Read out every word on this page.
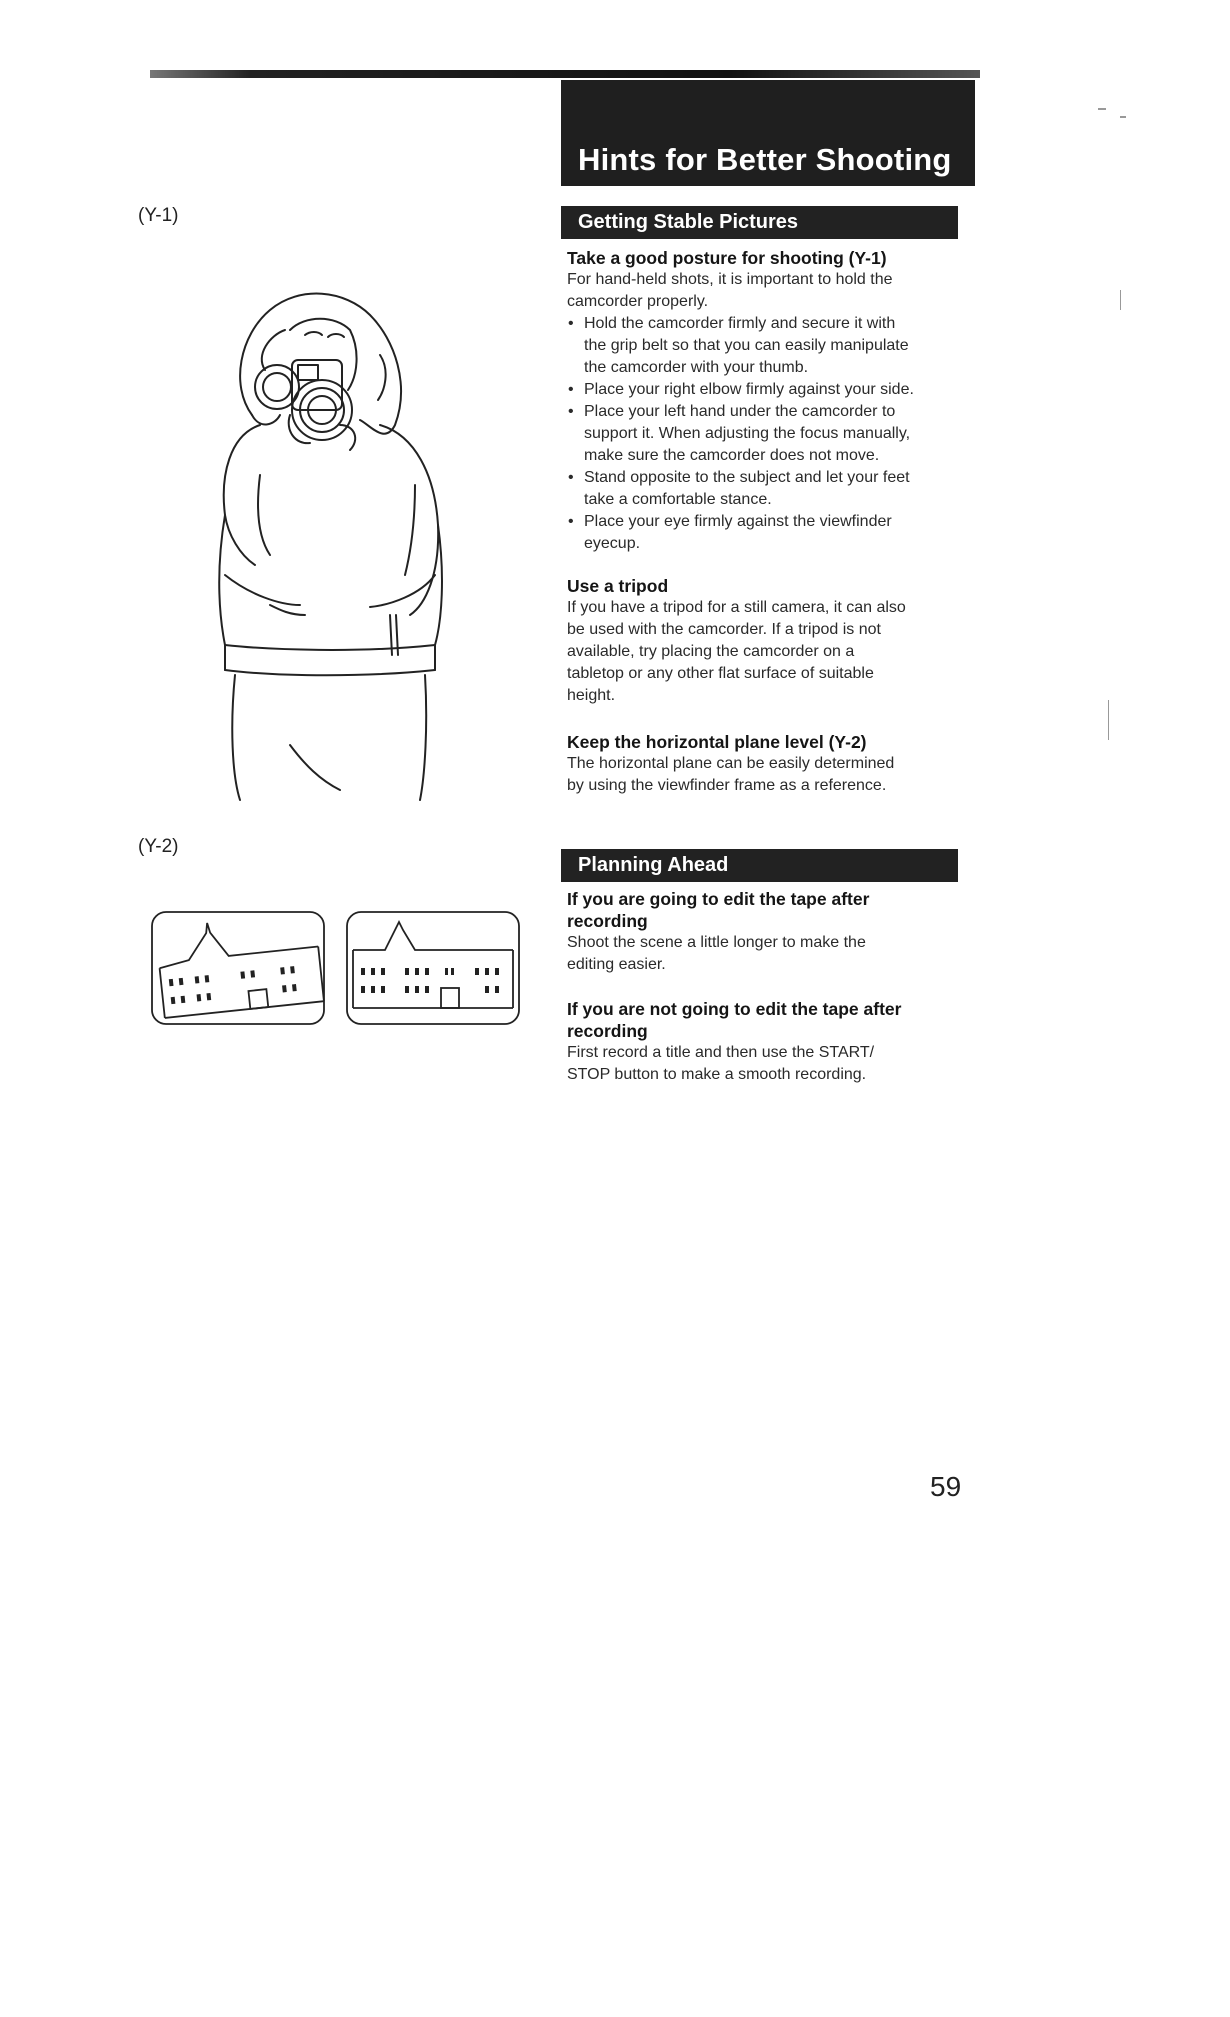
Hints for Better Shooting
(Y-1)
(Y-2)
Getting Stable Pictures

Take a good posture for shooting (Y-1)

For hand-held shots, it is important to hold the

camcorder properly.

• Hold the camcorder firmly and secure it with
the grip belt so that you can easily manipulate
the camcorder with your thumb.
• Place your right elbow firmly against your side.
• Place your left hand under the camcorder to
support it. When adjusting the focus manually,
make sure the camcorder does not move.
• Stand opposite to the subject and let your feet
take a comfortable stance.
• Place your eye firmly against the viewfinder
eyecup.

Use a tripod

If you have a tripod for a still camera, it can also

be used with the camcorder. If a tripod is not

available, try placing the camcorder on a

tabletop or any other flat surface of suitable

height.

Keep the horizontal plane level (Y-2)

The horizontal plane can be easily determined

by using the viewfinder frame as a reference.

Planning Ahead

If you are going to edit the tape after

recording

Shoot the scene a little longer to make the

editing easier.

If you are not going to edit the tape after

recording

First record a title and then use the START/

STOP button to make a smooth recording.

59
